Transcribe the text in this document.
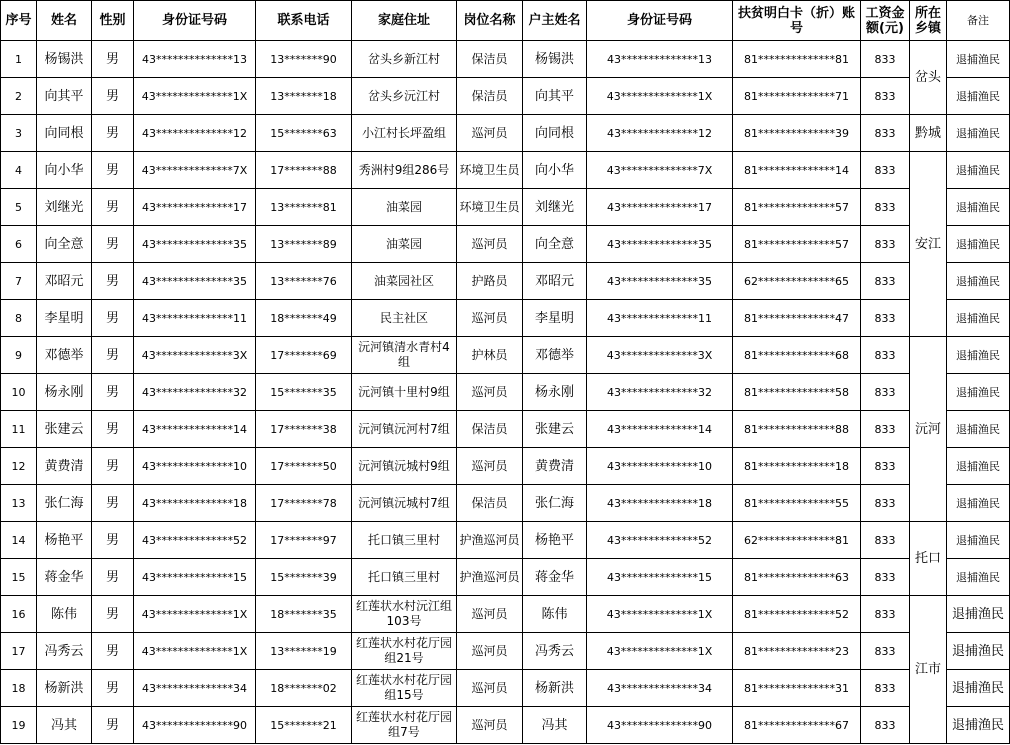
序号	姓名	性别	身份证号码	联系电话	家庭住址	岗位名称	户主姓名	身份证号码	扶贫明白卡（折）账号	工资金额(元)	所在乡镇	备注
1	杨锡洪	男	43**************13	13*******90	岔头乡新江村	保洁员	杨锡洪	43**************13	81**************81	833	岔头	退捕渔民
2	向其平	男	43**************1X	13*******18	岔头乡沅江村	保洁员	向其平	43**************1X	81**************71	833		退捕渔民
3	向同根	男	43**************12	15*******63	小江村长坪盈组	巡河员	向同根	43**************12	81**************39	833	黔城	退捕渔民
4	向小华	男	43**************7X	17*******88	秀洲村9组286号	环境卫生员	向小华	43**************7X	81**************14	833	安江	退捕渔民
5	刘继光	男	43**************17	13*******81	油菜园	环境卫生员	刘继光	43**************17	81**************57	833		退捕渔民
6	向全意	男	43**************35	13*******89	油菜园	巡河员	向全意	43**************35	81**************57	833		退捕渔民
7	邓昭元	男	43**************35	13*******76	油菜园社区	护路员	邓昭元	43**************35	62**************65	833		退捕渔民
8	李星明	男	43**************11	18*******49	民主社区	巡河员	李星明	43**************11	81**************47	833		退捕渔民
9	邓德举	男	43**************3X	17*******69	沅河镇清水青村4组	护林员	邓德举	43**************3X	81**************68	833	沅河	退捕渔民
10	杨永刚	男	43**************32	15*******35	沅河镇十里村9组	巡河员	杨永刚	43**************32	81**************58	833		退捕渔民
11	张建云	男	43**************14	17*******38	沅河镇沅河村7组	保洁员	张建云	43**************14	81**************88	833		退捕渔民
12	黄费清	男	43**************10	17*******50	沅河镇沅城村9组	巡河员	黄费清	43**************10	81**************18	833		退捕渔民
13	张仁海	男	43**************18	17*******78	沅河镇沅城村7组	保洁员	张仁海	43**************18	81**************55	833		退捕渔民
14	杨艳平	男	43**************52	17*******97	托口镇三里村	护渔巡河员	杨艳平	43**************52	62**************81	833	托口	退捕渔民
15	蒋金华	男	43**************15	15*******39	托口镇三里村	护渔巡河员	蒋金华	43**************15	81**************63	833		退捕渔民
16	陈伟	男	43**************1X	18*******35	红莲状水村沅江组103号	巡河员	陈伟	43**************1X	81**************52	833	江市	退捕渔民
17	冯秀云	男	43**************1X	13*******19	红莲状水村花厅园组21号	巡河员	冯秀云	43**************1X	81**************23	833		退捕渔民
18	杨新洪	男	43**************34	18*******02	红莲状水村花厅园组15号	巡河员	杨新洪	43**************34	81**************31	833		退捕渔民
19	冯其	男	43**************90	15*******21	红莲状水村花厅园组7号	巡河员	冯其	43**************90	81**************67	833		退捕渔民
